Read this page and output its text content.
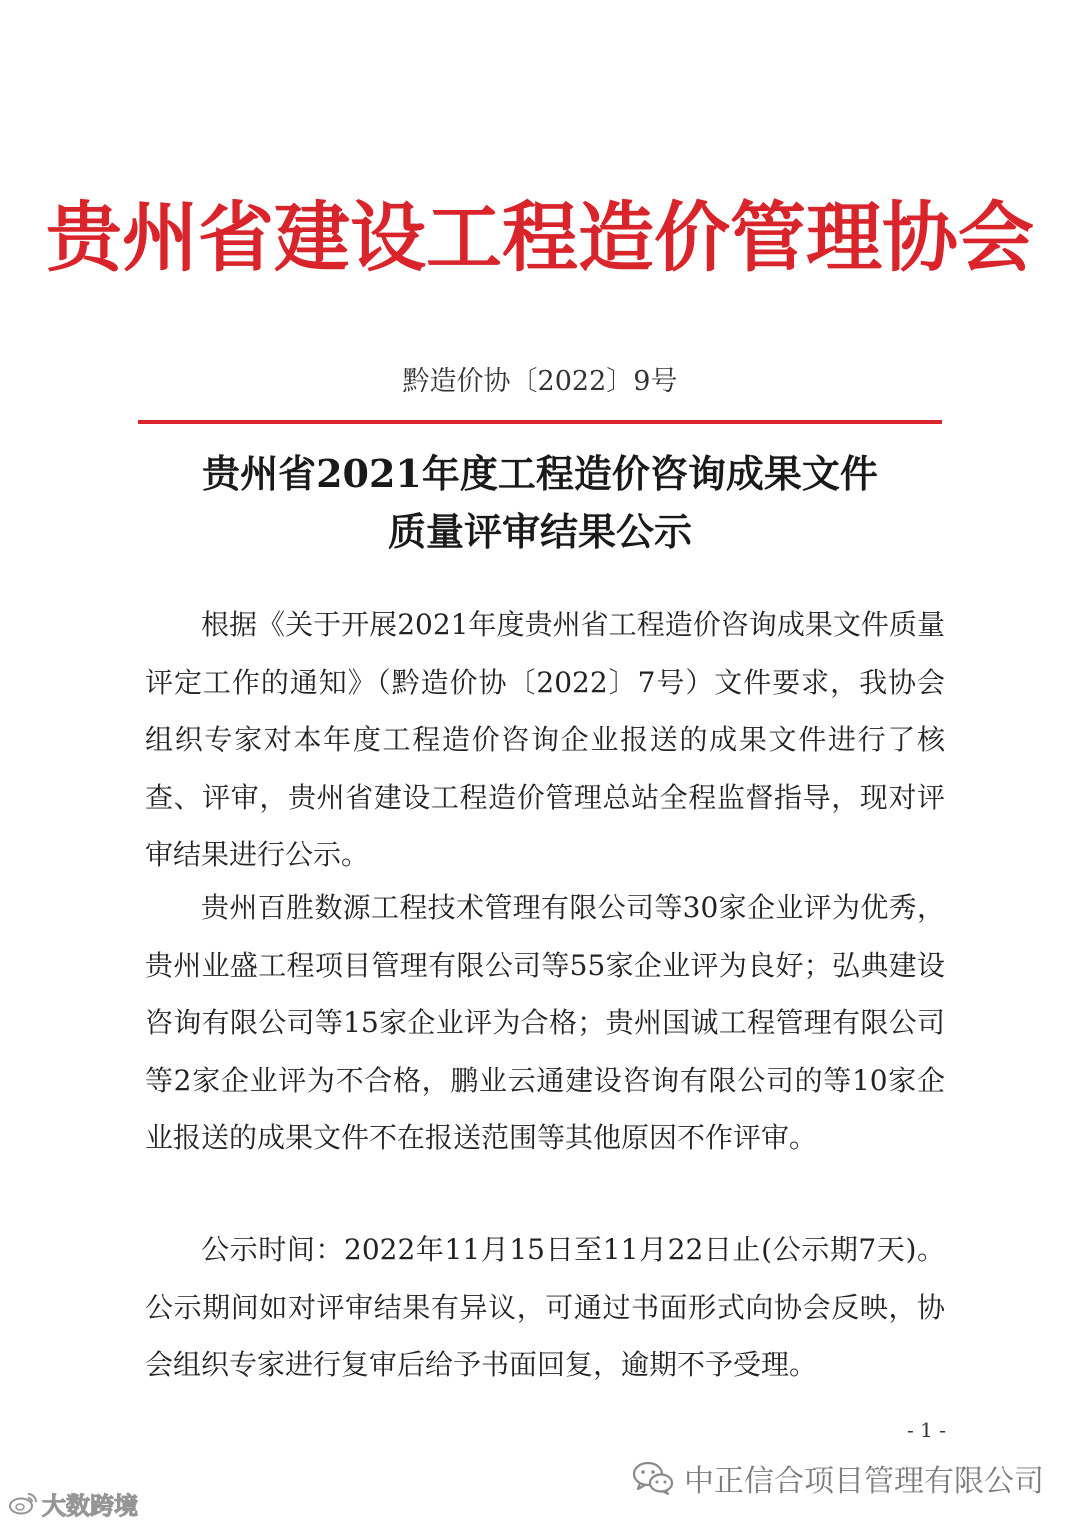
贵州省建设工程造价管理协会
黔造价协〔2022〕9号
贵州省2021年度工程造价咨询成果文件
质量评审结果公示

根据《关于开展2021年度贵州省工程造价咨询成果文件质量评定工作的通知》（黔造价协〔2022〕7号）文件要求，我协会组织专家对本年度工程造价咨询企业报送的成果文件进行了核查、评审，贵州省建设工程造价管理总站全程监督指导，现对评审结果进行公示。

贵州百胜数源工程技术管理有限公司等30家企业评为优秀，贵州业盛工程项目管理有限公司等55家企业评为良好；弘典建设咨询有限公司等15家企业评为合格；贵州国诚工程管理有限公司等2家企业评为不合格，鹏业云通建设咨询有限公司的等10家企业报送的成果文件不在报送范围等其他原因不作评审。

公示时间：2022年11月15日至11月22日止(公示期7天)。公示期间如对评审结果有异议，可通过书面形式向协会反映，协会组织专家进行复审后给予书面回复，逾期不予受理。

- 1 -
大数跨境
中正信合项目管理有限公司
